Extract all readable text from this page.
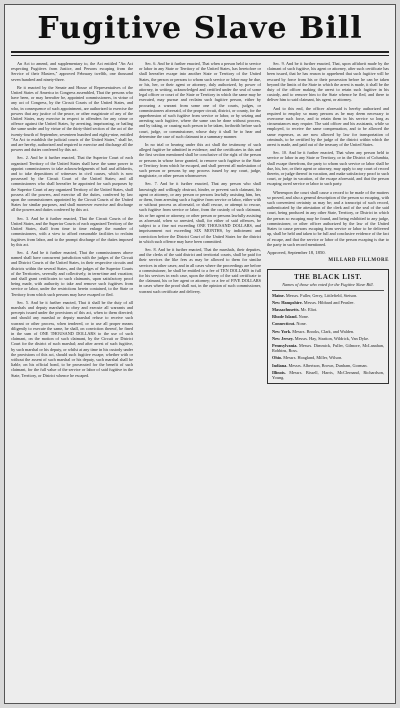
Fugitive Slave Bill

An Act to amend, and supplementary to, the Act entitled "An Act respecting Fugitives from Justice, and Persons escaping from the Service of their Masters," approved February twelfth, one thousand seven hundred and ninety-three.

Be it enacted by the Senate and House of Representatives of the United States of America in Congress assembled, That the persons who have been, or may hereafter be, appointed commissioners, in virtue of any act of Congress, by the Circuit Courts of the United States, and who, in consequence of such appointment, are authorized to exercise the powers that any justice of the peace, or other magistrate of any of the United States, may exercise in respect to offenders for any crime or offence against the United States, by arresting, imprisoning, or bailing the same under and by virtue of the thirty-third section of the act of the twenty-fourth of September, seventeen hundred and eighty-nine, entitled "An Act to establish the judicial courts of the United States," shall be, and are hereby, authorized and required to exercise and discharge all the powers and duties conferred by this act.

Sec. 2. And be it further enacted, That the Superior Court of each organized Territory of the United States shall have the same power to appoint commissioners to take acknowledgments of bail and affidavits, and to take depositions of witnesses in civil causes, which is now possessed by the Circuit Court of the United States; and all commissioners who shall hereafter be appointed for such purposes by the Superior Court of any organized Territory of the United States, shall possess all the powers, and exercise all the duties, conferred by law upon the commissioners appointed by the Circuit Courts of the United States for similar purposes, and shall moreover exercise and discharge all the powers and duties conferred by this act.

Sec. 3. And be it further enacted, That the Circuit Courts of the United States, and the Superior Courts of each organized Territory of the United States, shall from time to time enlarge the number of commissioners, with a view to afford reasonable facilities to reclaim fugitives from labor, and to the prompt discharge of the duties imposed by this act.

Sec. 4. And be it further enacted, That the commissioners above named shall have concurrent jurisdiction with the judges of the Circuit and District Courts of the United States, in their respective circuits and districts within the several States, and the judges of the Superior Courts of the Territories, severally and collectively, in term-time and vacation; and shall grant certificates to such claimants, upon satisfactory proof being made, with authority to take and remove such fugitives from service or labor, under the restrictions herein contained, to the State or Territory from which such persons may have escaped or fled.

Sec. 5. And be it further enacted, That it shall be the duty of all marshals and deputy marshals to obey and execute all warrants and precepts issued under the provisions of this act, when to them directed; and should any marshal or deputy marshal refuse to receive such warrant or other process, when tendered, or to use all proper means diligently to execute the same, he shall, on conviction thereof, be fined in the sum of ONE THOUSAND DOLLARS to the use of such claimant, on the motion of such claimant, by the Circuit or District Court for the district of such marshal; and after arrest of such fugitive, by such marshal or his deputy, or whilst at any time in his custody under the provisions of this act, should such fugitive escape, whether with or without the assent of such marshal or his deputy, such marshal shall be liable, on his official bond, to be prosecuted for the benefit of such claimant, for the full value of the service or labor of said fugitive in the State, Territory, or District whence he escaped.

Sec. 6. And be it further enacted, That when a person held to service or labor in any State or Territory of the United States, has heretofore or shall hereafter escape into another State or Territory of the United States, the person or persons to whom such service or labor may be due, or his, her, or their agent or attorney, duly authorized, by power of attorney, in writing, acknowledged and certified under the seal of some legal officer or court of the State or Territory in which the same may be executed, may pursue and reclaim such fugitive person, either by procuring a warrant from some one of the courts, judges, or commissioners aforesaid, of the proper circuit, district, or county, for the apprehension of such fugitive from service or labor, or by seizing and arresting such fugitive, where the same can be done without process, and by taking, or causing such person to be taken, forthwith before such court, judge, or commissioner, whose duty it shall be to hear and determine the case of such claimant in a summary manner.

In no trial or hearing under this act shall the testimony of such alleged fugitive be admitted in evidence; and the certificates in this and the first section mentioned shall be conclusive of the right of the person or persons in whose favor granted, to remove such fugitive to the State or Territory from which he escaped, and shall prevent all molestation of such person or persons by any process issued by any court, judge, magistrate, or other person whomsoever.

Sec. 7. And be it further enacted, That any person who shall knowingly and willingly obstruct, hinder, or prevent such claimant, his agent or attorney, or any person or persons lawfully assisting him, her, or them, from arresting such a fugitive from service or labor, either with or without process as aforesaid, or shall rescue, or attempt to rescue, such fugitive from service or labor, from the custody of such claimant, his or her agent or attorney, or other person or persons lawfully assisting as aforesaid, when so arrested, shall, for either of said offences, be subject to a fine not exceeding ONE THOUSAND DOLLARS, and imprisonment not exceeding SIX MONTHS, by indictment and conviction before the District Court of the United States for the district in which such offence may have been committed.

Sec. 8. And be it further enacted, That the marshals, their deputies, and the clerks of the said district and territorial courts, shall be paid for their services the like fees as may be allowed to them for similar services in other cases; and in all cases where the proceedings are before a commissioner, he shall be entitled to a fee of TEN DOLLARS in full for his services in each case, upon the delivery of the said certificate to the claimant, his or her agent or attorney; or a fee of FIVE DOLLARS in cases where the proof shall not, in the opinion of such commissioner, warrant such certificate and delivery.

Sec. 9. And be it further enacted, That, upon affidavit made by the claimant of such fugitive, his agent or attorney, after such certificate has been issued, that he has reason to apprehend that such fugitive will be rescued by force from his or their possession before he can be taken beyond the limits of the State in which the arrest is made, it shall be the duty of the officer making the arrest to retain such fugitive in his custody, and to remove him to the State whence he fled, and there to deliver him to said claimant, his agent, or attorney.

And to this end, the officer aforesaid is hereby authorized and required to employ so many persons as he may deem necessary to overcome such force, and to retain them in his service so long as circumstances may require. The said officer and his assistants, while so employed, to receive the same compensation, and to be allowed the same expenses, as are now allowed by law for transportation of criminals, to be certified by the judge of the district within which the arrest is made, and paid out of the treasury of the United States.

Sec. 10. And be it further enacted, That when any person held to service or labor in any State or Territory, or in the District of Columbia, shall escape therefrom, the party to whom such service or labor shall be due, his, her, or their agent or attorney, may apply to any court of record therein, or judge thereof in vacation, and make satisfactory proof to such court, or judge in vacation, of the escape aforesaid, and that the person escaping owed service or labor to such party.

Whereupon the court shall cause a record to be made of the matters so proved, and also a general description of the person so escaping, with such convenient certainty as may be; and a transcript of such record, authenticated by the attestation of the clerk and of the seal of the said court, being produced in any other State, Territory, or District in which the person so escaping may be found, and being exhibited to any judge, commissioner, or other officer authorized by the law of the United States to cause persons escaping from service or labor to be delivered up, shall be held and taken to be full and conclusive evidence of the fact of escape, and that the service or labor of the person escaping is due to the party in such record mentioned.

Approved, September 18, 1850.

MILLARD FILLMORE

THE BLACK LIST.
Names of those who voted for the Fugitive Slave Bill.
Maine. Messrs. Fuller, Gerry, Littlefield, Stetson.
New Hampshire. Messrs. Hibbard and Peaslee.
Massachusetts. Mr. Eliot.
Rhode Island. None.
Connecticut. None.
New York. Messrs. Brooks, Clark, and Walden.
New Jersey. Messrs. Hay, Stratton, Wildrick, Van Dyke.
Pennsylvania. Messrs. Dimmick, Fuller, Gilmore, McLanahan, Robbins, Ross.
Ohio. Messrs. Hoagland, Miller, Wilson.
Indiana. Messrs. Albertson, Brown, Dunham, Gorman.
Illinois. Messrs. Bissell, Harris, McClernand, Richardson, Young.
